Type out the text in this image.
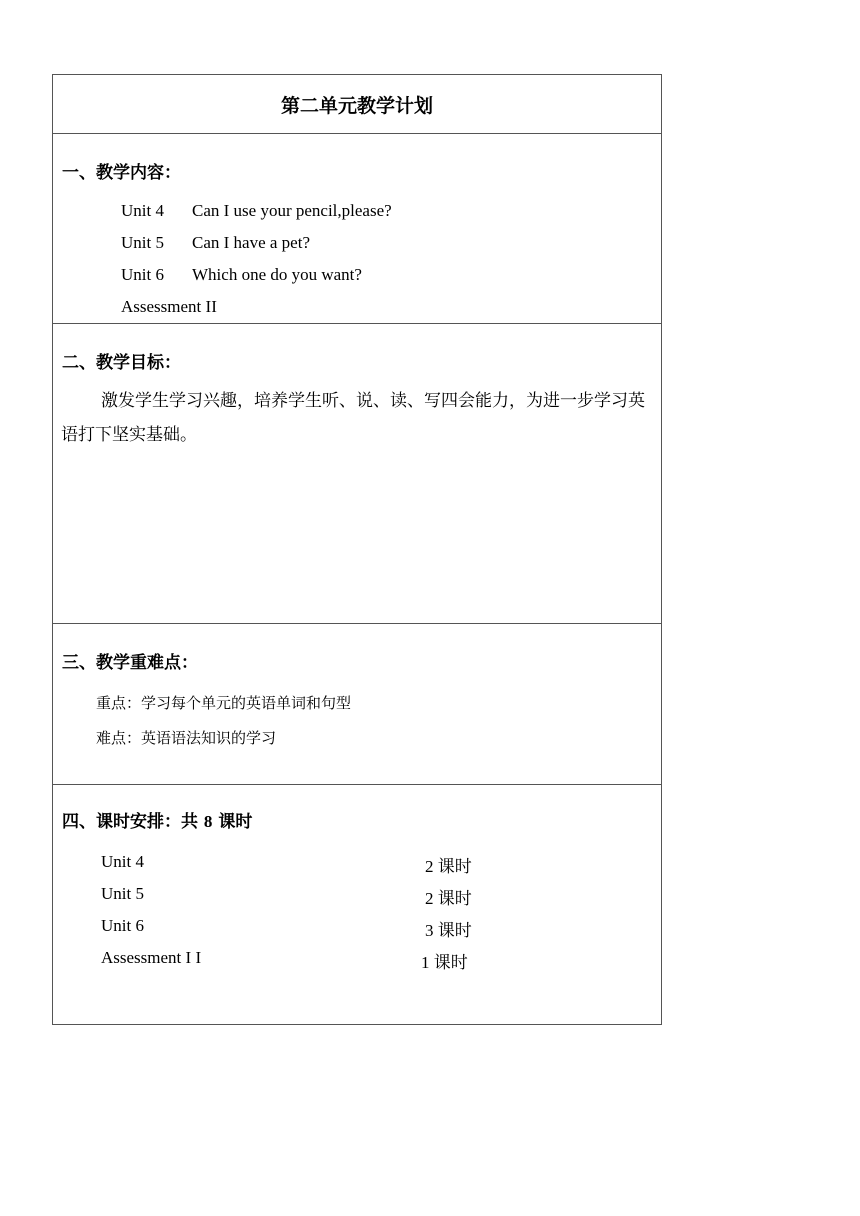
第二单元教学计划
一、教学内容：
Unit 4 Can I use your pencil,please?
Unit 5 Can I have a pet?
Unit 6 Which one do you want?
Assessment II
二、教学目标：

激发学生学习兴趣，培养学生听、说、读、写四会能力，为进一步学习英语打下坚实基础。

三、教学重难点：
重点：学习每个单元的英语单词和句型
难点：英语语法知识的学习
四、课时安排：共 8 课时
Unit 4	2 课时
Unit 5	2 课时
Unit 6	3 课时
Assessment I I	1 课时
